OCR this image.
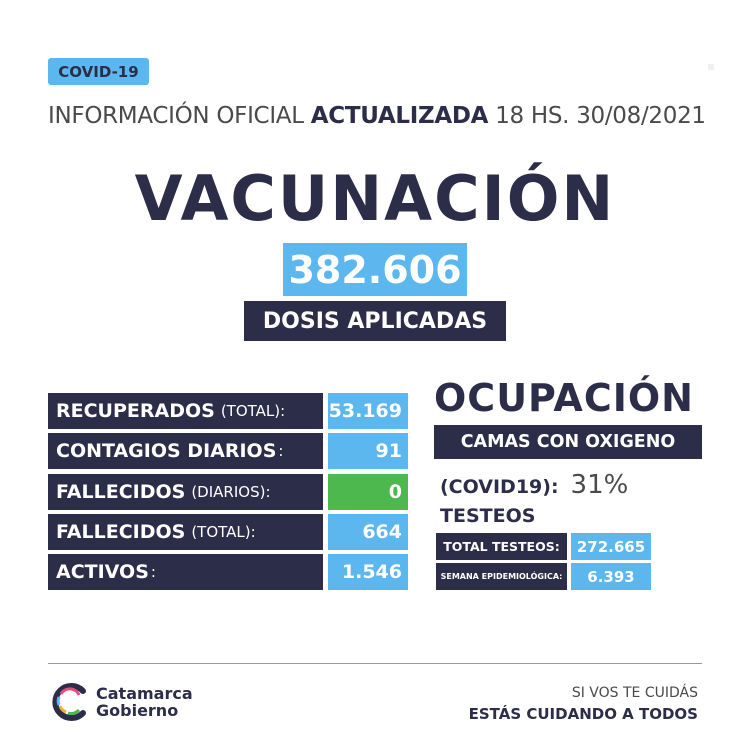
COVID-19
INFORMACIÓN OFICIAL ACTUALIZADA 18 HS. 30/08/2021
VACUNACIÓN
382.606
DOSIS APLICADAS
RECUPERADOS (TOTAL): 53.169
CONTAGIOS DIARIOS :	91
FALLECIDOS (DIARIOS):	0
FALLECIDOS (TOTAL):	664
ACTIVOS :	1.546
OCUPACIÓN
CAMAS CON OXIGENO
(COVID19): 31%
TESTEOS
TOTAL TESTEOS:	272.665
SEMANA EPIDEMIOLÓGICA:	6.393
Catamarca
Gobierno
SI VOS TE CUIDÁS
ESTÁS CUIDANDO A TODOS
